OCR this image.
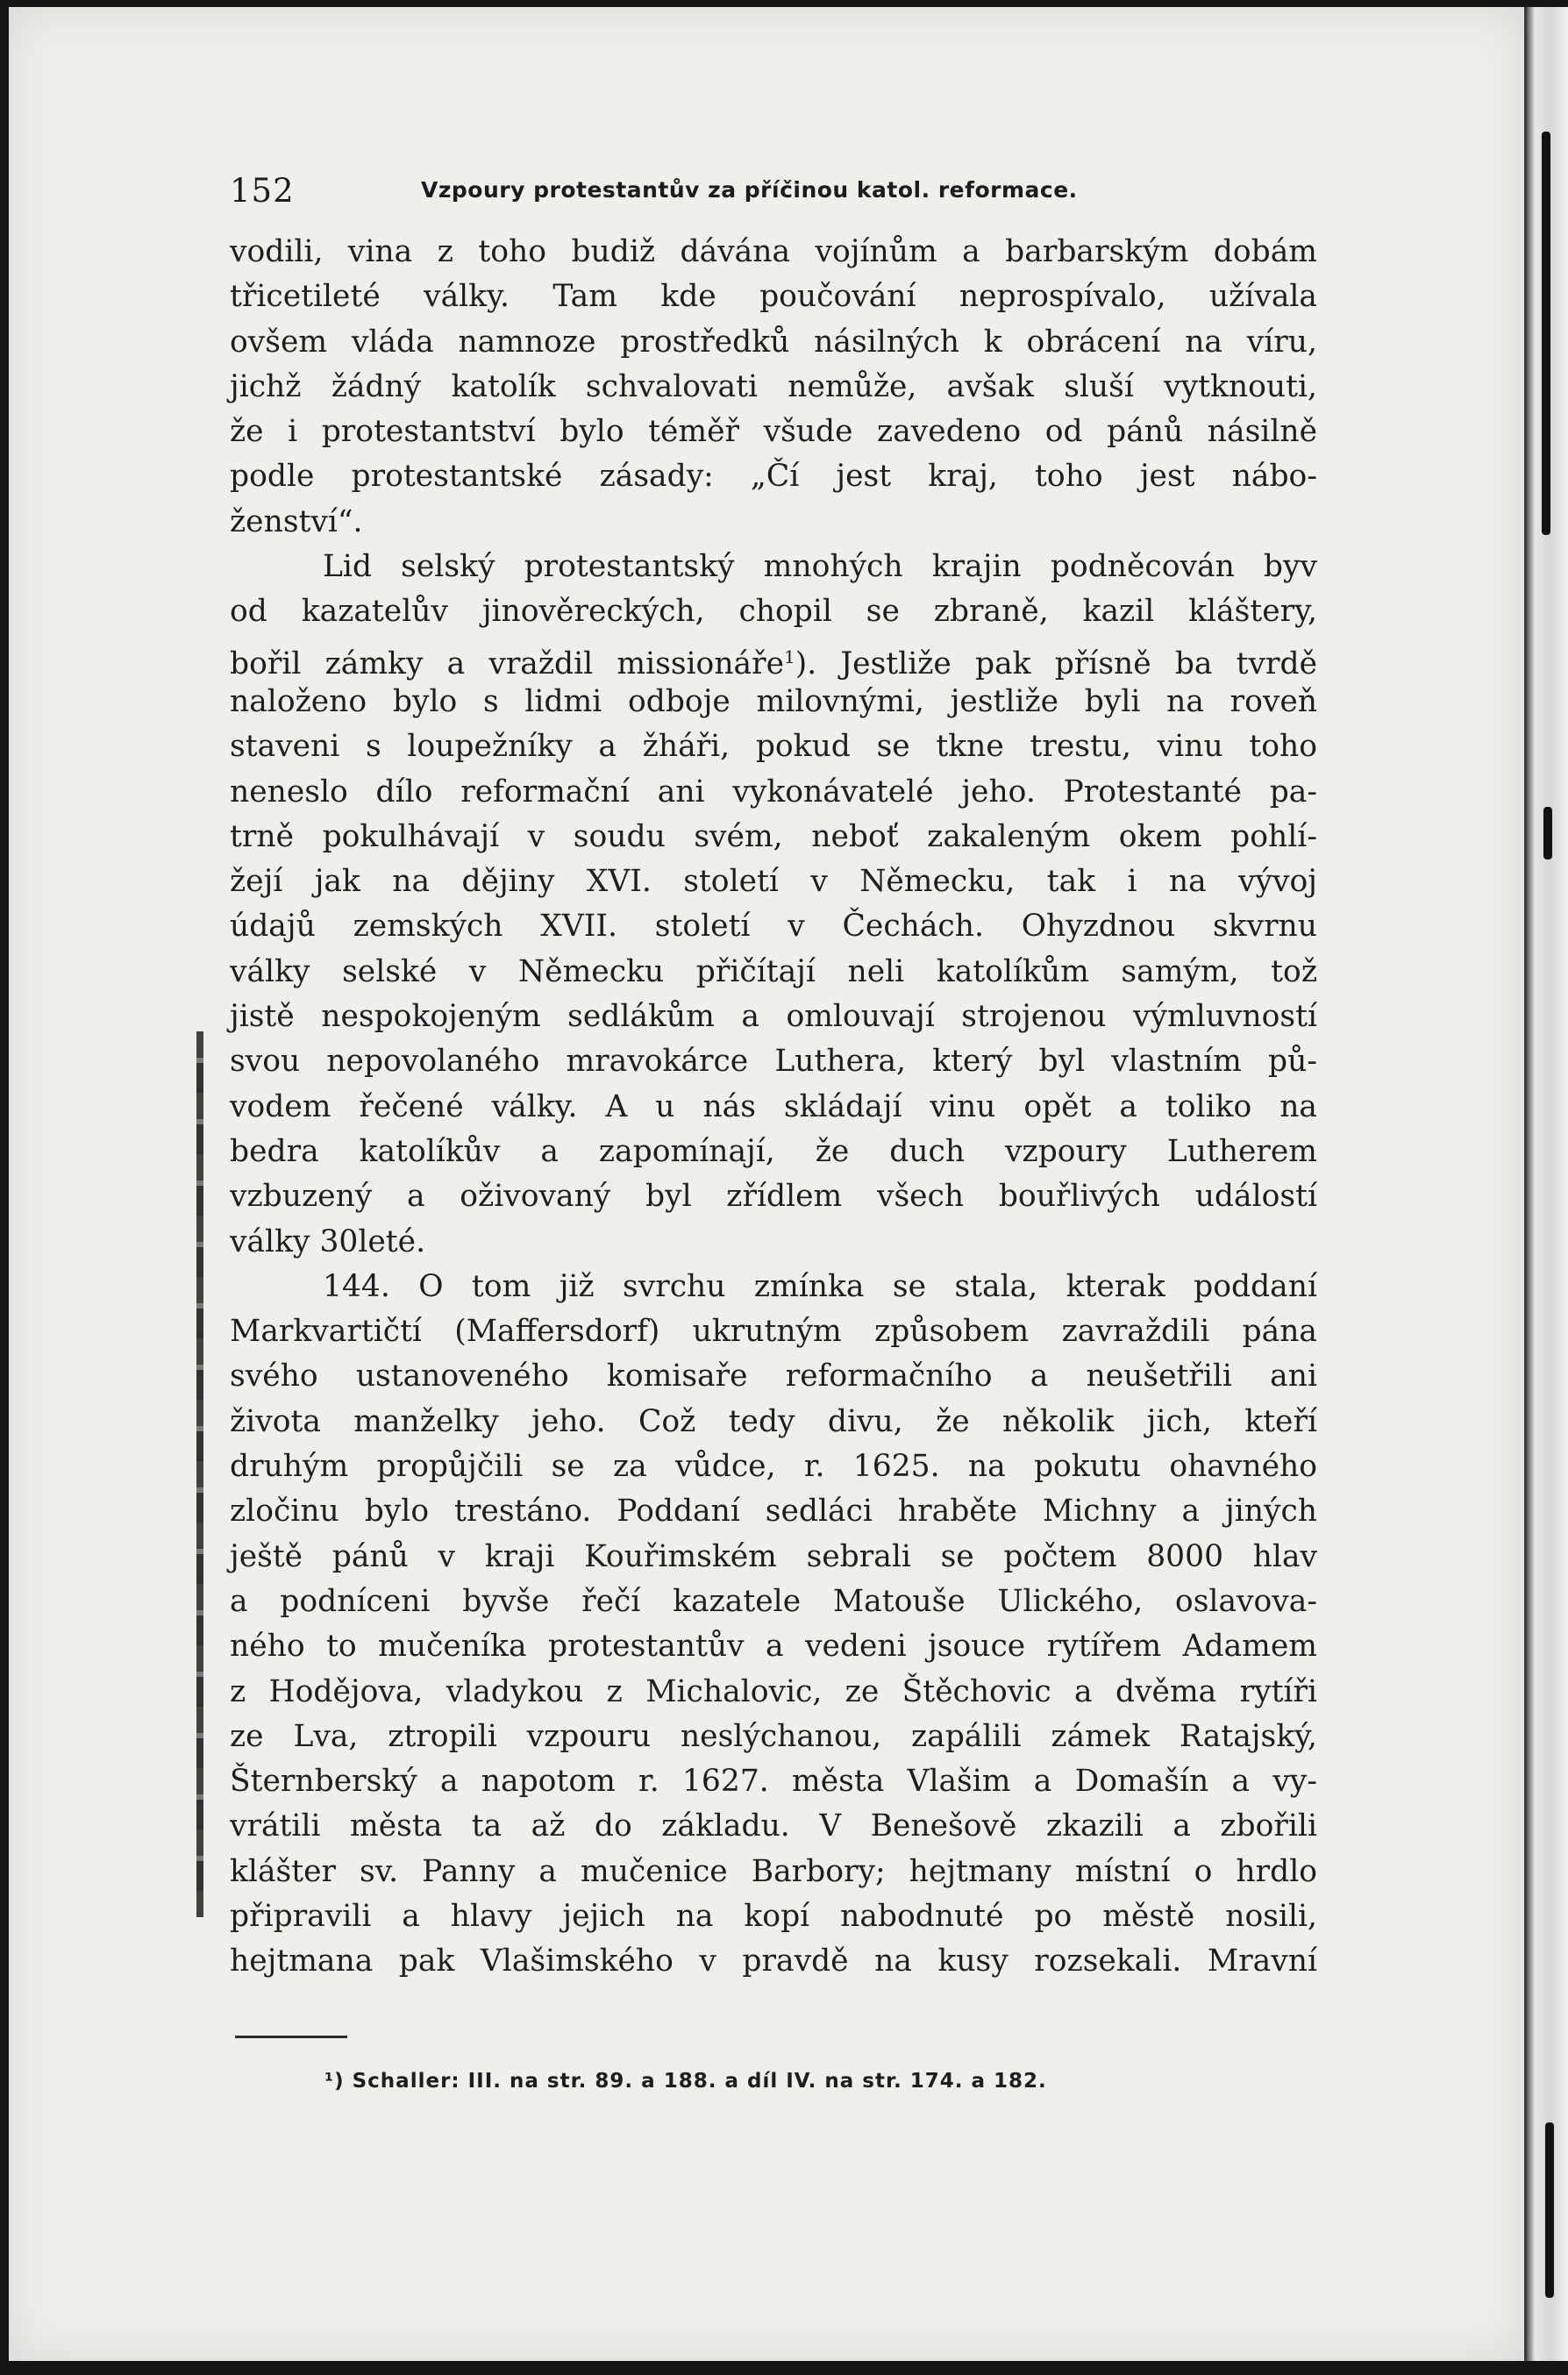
152	Vzpoury protestantův za příčinou katol. reformace.
vodili, vina z toho budiž dávána vojínům a barbarským dobám
třicetileté války. Tam kde poučování neprospívalo, užívala
ovšem vláda namnoze prostředků násilných k obrácení na víru,
jichž žádný katolík schvalovati nemůže, avšak sluší vytknouti,
že i protestantství bylo téměř všude zavedeno od pánů násilně
podle protestantské zásady: „Čí jest kraj, toho jest nábo-
ženství“.
Lid selský protestantský mnohých krajin podněcován byv
od kazatelův jinověreckých, chopil se zbraně, kazil kláštery,
bořil zámky a vraždil missionáře$^1$). Jestliže pak přísně ba tvrdě
naloženo bylo s lidmi odboje milovnými, jestliže byli na roveň
staveni s loupežníky a žháři, pokud se tkne trestu, vinu toho
neneslo dílo reformační ani vykonávatelé jeho. Protestanté pa-
trně pokulhávají v soudu svém, neboť zakaleným okem pohlí-
žejí jak na dějiny XVI. století v Německu, tak i na vývoj
údajů zemských XVII. století v Čechách. Ohyzdnou skvrnu
války selské v Německu přičítají neli katolíkům samým, tož
jistě nespokojeným sedlákům a omlouvají strojenou výmluvností
svou nepovolaného mravokárce Luthera, který byl vlastním pů-
vodem řečené války. A u nás skládají vinu opět a toliko na
bedra katolíkův a zapomínají, že duch vzpoury Lutherem
vzbuzený a oživovaný byl zřídlem všech bouřlivých událostí
války 30leté.
144. O tom již svrchu zmínka se stala, kterak poddaní
Markvartičtí (Maffersdorf) ukrutným způsobem zavraždili pána
svého ustanoveného komisaře reformačního a neušetřili ani
života manželky jeho. Což tedy divu, že několik jich, kteří
druhým propůjčili se za vůdce, r. 1625. na pokutu ohavného
zločinu bylo trestáno. Poddaní sedláci hraběte Michny a jiných
ještě pánů v kraji Kouřimském sebrali se počtem 8000 hlav
a podníceni byvše řečí kazatele Matouše Ulického, oslavova-
ného to mučeníka protestantův a vedeni jsouce rytířem Adamem
z Hodějova, vladykou z Michalovic, ze Štěchovic a dvěma rytíři
ze Lva, ztropili vzpouru neslýchanou, zapálili zámek Ratajský,
Šternberský a napotom r. 1627. města Vlašim a Domašín a vy-
vrátili města ta až do základu. V Benešově zkazili a zbořili
klášter sv. Panny a mučenice Barbory; hejtmany místní o hrdlo
připravili a hlavy jejich na kopí nabodnuté po městě nosili,
hejtmana pak Vlašimského v pravdě na kusy rozsekali. Mravní
¹) Schaller: III. na str. 89. a 188. a díl IV. na str. 174. a 182.
